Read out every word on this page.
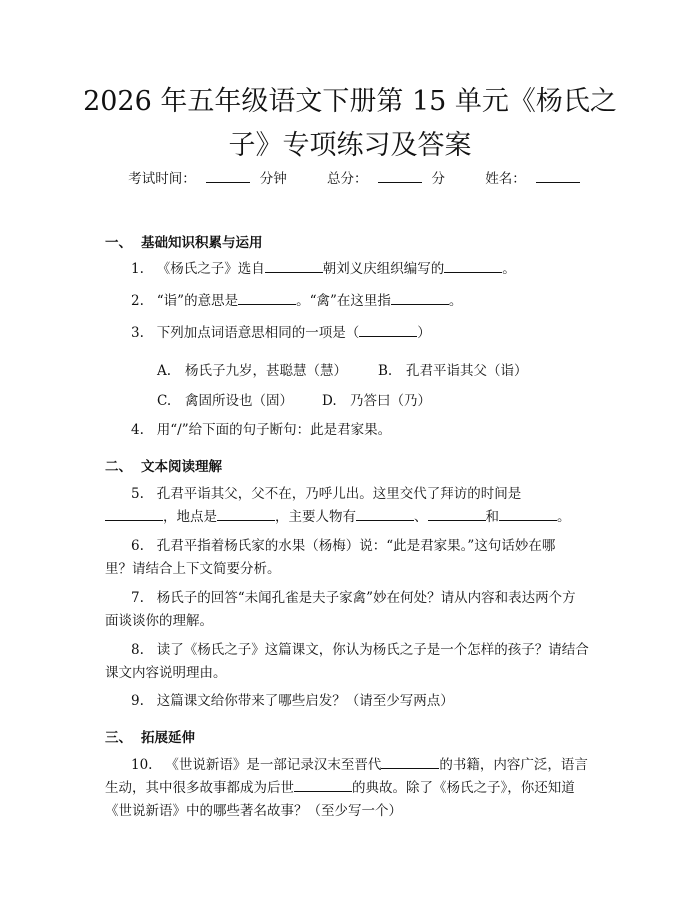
2026 年五年级语文下册第 15 单元《杨氏之
子》专项练习及答案
考试时间：	分钟	总分：	分	姓名：
一、 基础知识积累与运用
1. 《杨氏之子》选自	朝刘义庆组织编写的	。
2. “诣”的意思是	。“禽”在这里指	。
3. 下列加点词语意思相同的一项是（	）
A. 杨氏子九岁，甚聪慧（慧） B. 孔君平诣其父（诣）
C. 禽固所设也（固） D. 乃答曰（乃）
4. 用“/”给下面的句子断句：此是君家果。
二、 文本阅读理解
5. 孔君平诣其父，父不在，乃呼儿出。这里交代了拜访的时间是
，地点是	，主要人物有	、	和	。
6. 孔君平指着杨氏家的水果（杨梅）说：“此是君家果。”这句话妙在哪
里？请结合上下文简要分析。
7. 杨氏子的回答“未闻孔雀是夫子家禽”妙在何处？请从内容和表达两个方
面谈谈你的理解。
8. 读了《杨氏之子》这篇课文，你认为杨氏之子是一个怎样的孩子？请结合
课文内容说明理由。
9. 这篇课文给你带来了哪些启发？（请至少写两点）
三、 拓展延伸
10. 《世说新语》是一部记录汉末至晋代	的书籍，内容广泛，语言
生动，其中很多故事都成为后世	的典故。除了《杨氏之子》，你还知道
《世说新语》中的哪些著名故事？（至少写一个）
